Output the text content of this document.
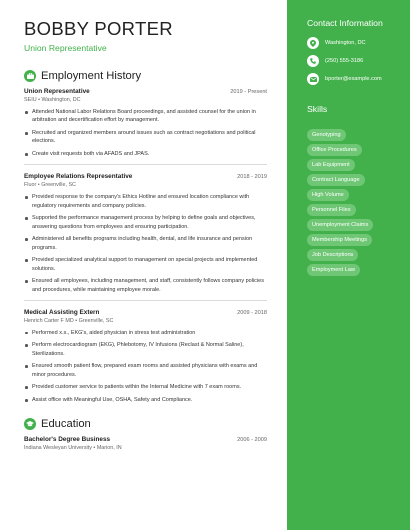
BOBBY PORTER
Union Representative
Employment History
Union Representative	2019 - Present
SEIU • Washington, DC
Attended National Labor Relations Board proceedings, and assisted counsel for the union in arbitration and decertification effort by management.
Recruited and organized members around issues such as contract negotiations and political elections.
Create visit requests both via AFADS and JPAS.
Employee Relations Representative	2018 - 2019
Fluor • Greenville, SC
Provided response to the company's Ethics Hotline and ensured location compliance with regulatory requirements and company policies.
Supported the performance management process by helping to define goals and objectives, answering questions from employees and ensuring participation.
Administered all benefits programs including health, dental, and life insurance and pension programs.
Provided specialized analytical support to management on special projects and implemented solutions.
Ensured all employees, including management, and staff, consistently follows company policies and procedures, while maintaining employee morale.
Medical Assisting Extern	2009 - 2018
Henrich Carter F MD • Greenville, SC
Performed x.s., EKG's, aided physician in stress test administration
Perform electrocardiogram (EKG), Phlebotomy, IV Infusions (Reclast & Normal Saline), Sterilizations.
Ensured smooth patient flow, prepared exam rooms and assisted physicians with exams and minor procedures.
Provided customer service to patients within the Internal Medicine with 7 exam rooms.
Assist office with Meaningful Use, OSHA, Safety and Compliance.
Education
Bachelor's Degree Business	2006 - 2009
Indiana Wesleyan University • Marion, IN
Contact Information
Washington, DC
(250) 555-3186
bporter@example.com
Skills
Genotyping
Office Procedures
Lab Equipment
Contract Language
High Volume
Personnel Files
Unemployment Claims
Membership Meetings
Job Descriptions
Employment Law
